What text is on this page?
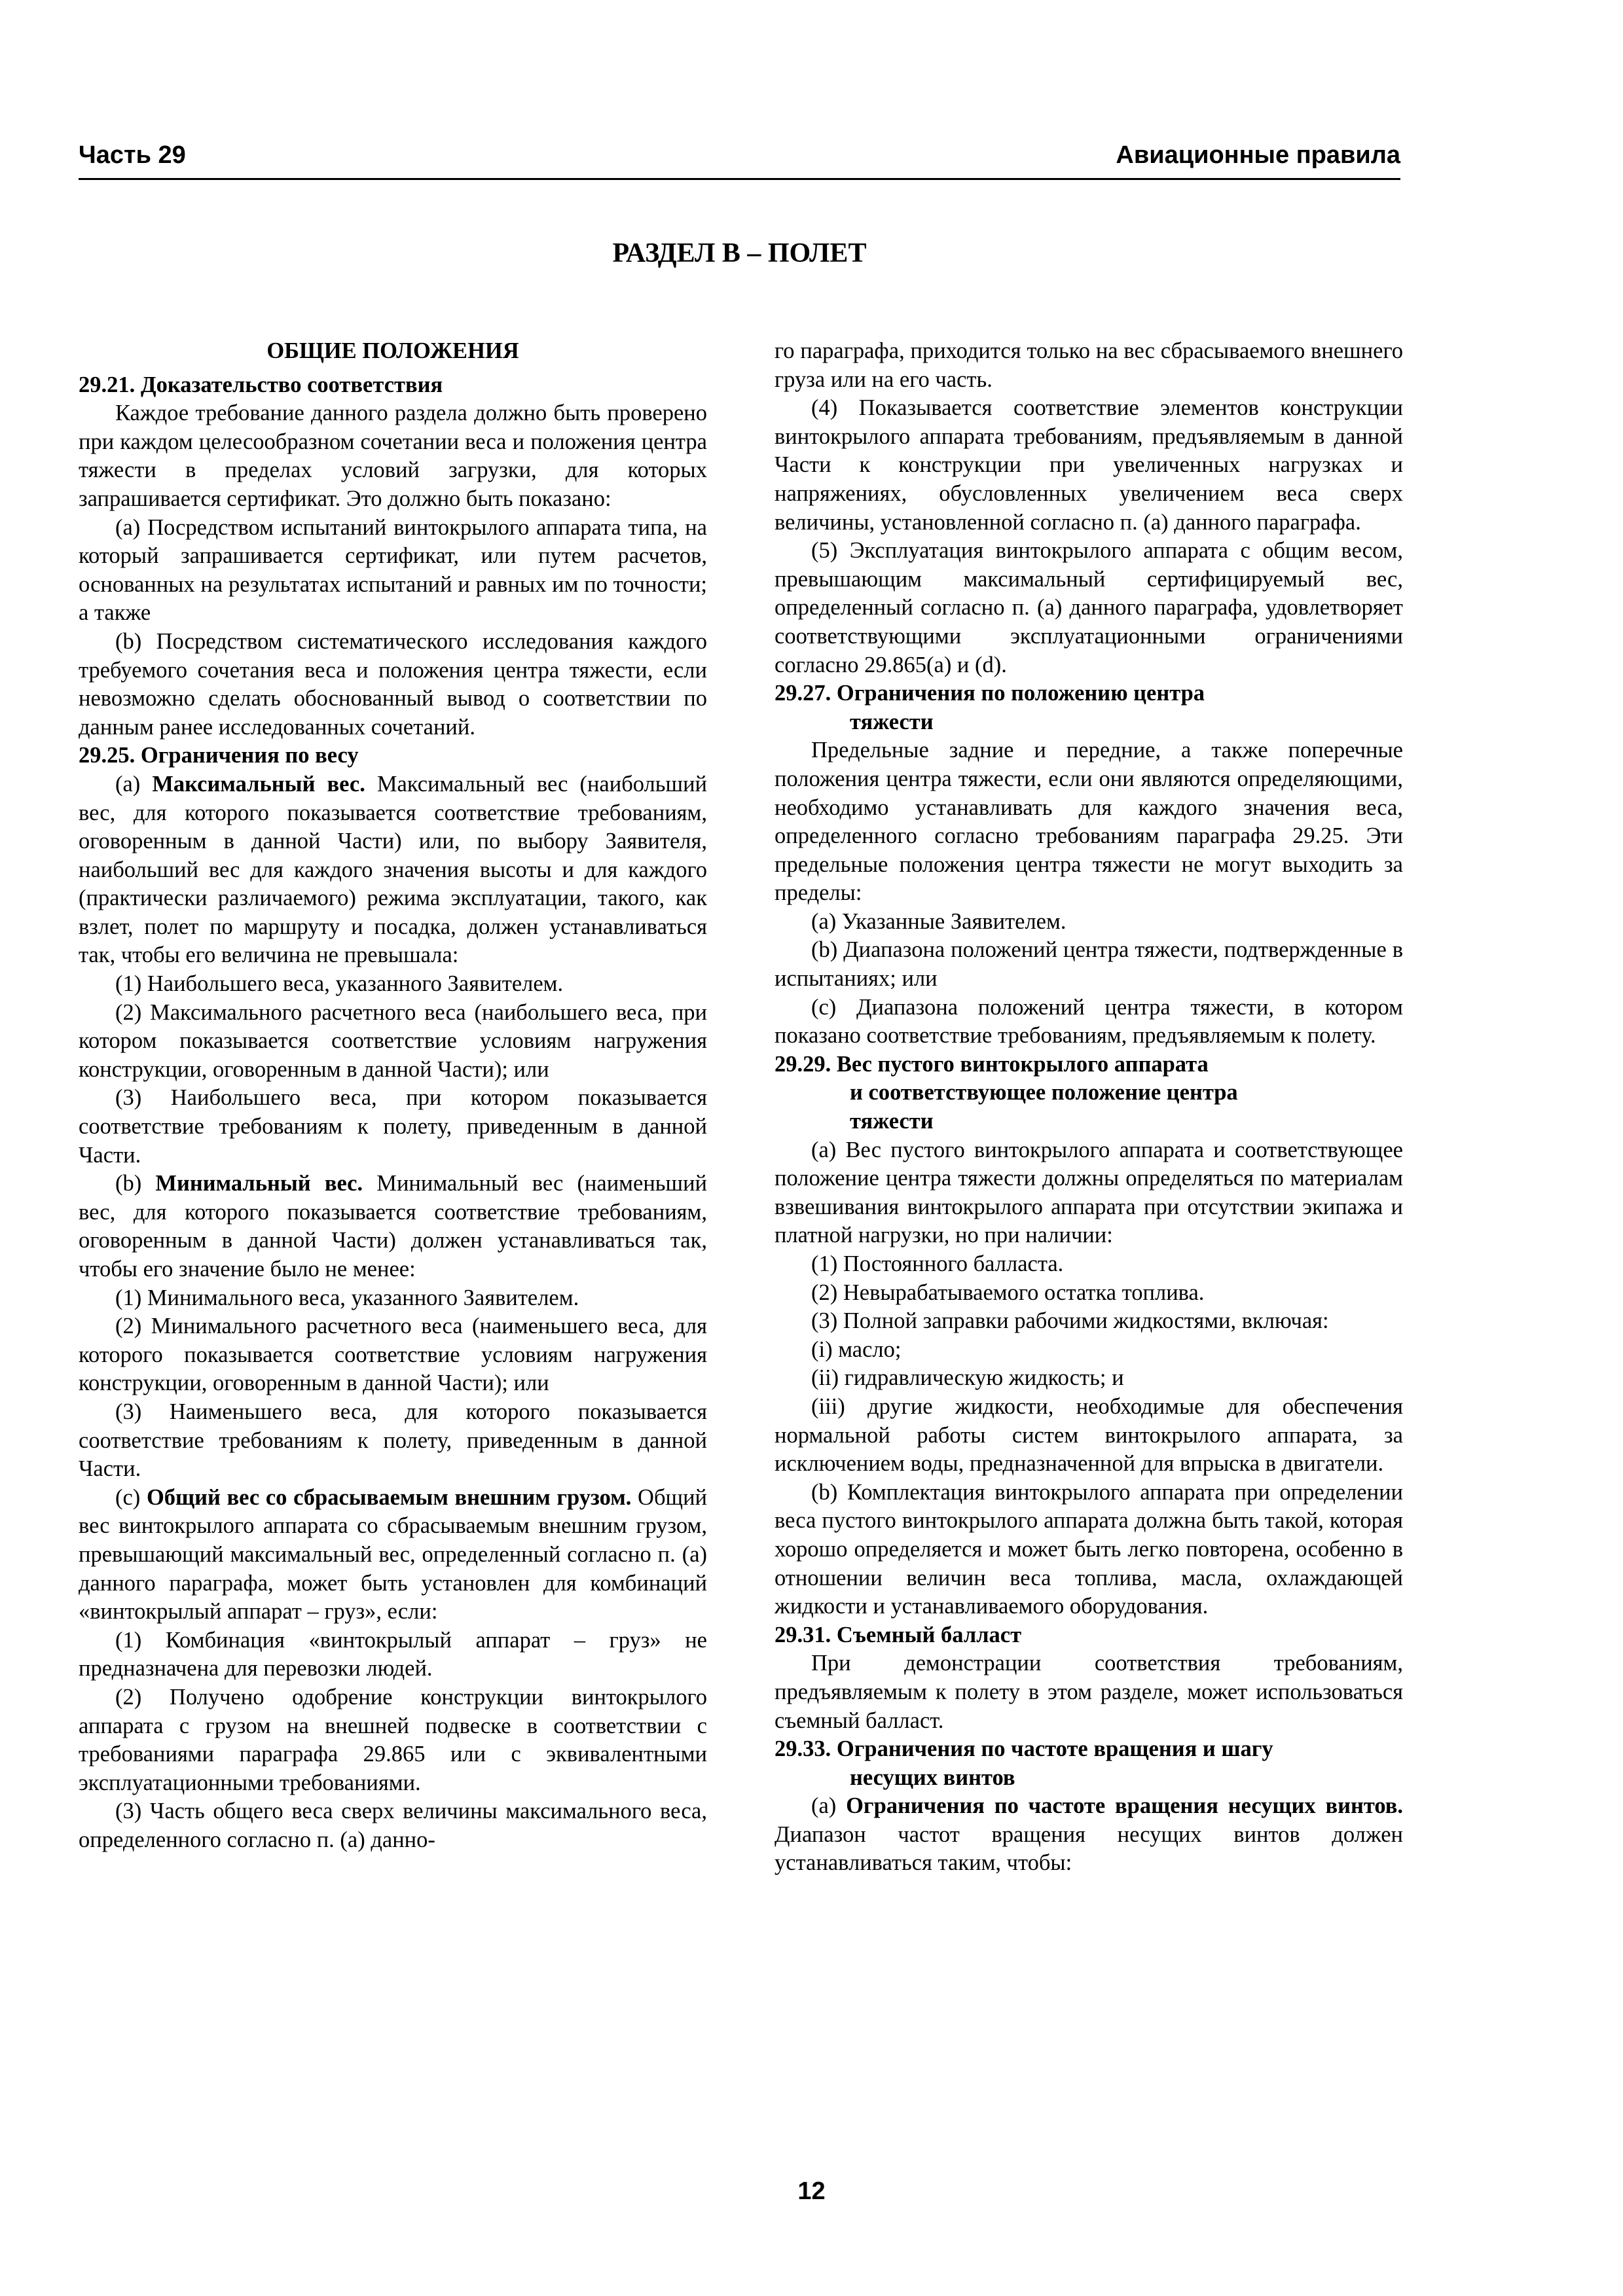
Часть 29	Авиационные правила
РАЗДЕЛ B – ПОЛЕТ
ОБЩИЕ ПОЛОЖЕНИЯ
29.21. Доказательство соответствия

Каждое требование данного раздела должно быть проверено при каждом целесообразном сочетании веса и положения центра тяжести в пределах условий загрузки, для которых запрашивается сертификат. Это должно быть показано:

(a) Посредством испытаний винтокрылого аппарата типа, на который запрашивается сертификат, или путем расчетов, основанных на результатах испытаний и равных им по точности; а также

(b) Посредством систематического исследования каждого требуемого сочетания веса и положения центра тяжести, если невозможно сделать обоснованный вывод о соответствии по данным ранее исследованных сочетаний.

29.25. Ограничения по весу

(a) Максимальный вес. Максимальный вес (наибольший вес, для которого показывается соответствие требованиям, оговоренным в данной Части) или, по выбору Заявителя, наибольший вес для каждого значения высоты и для каждого (практически различаемого) режима эксплуатации, такого, как взлет, полет по маршруту и посадка, должен устанавливаться так, чтобы его величина не превышала:

(1) Наибольшего веса, указанного Заявителем.

(2) Максимального расчетного веса (наибольшего веса, при котором показывается соответствие условиям нагружения конструкции, оговоренным в данной Части); или

(3) Наибольшего веса, при котором показывается соответствие требованиям к полету, приведенным в данной Части.

(b) Минимальный вес. Минимальный вес (наименьший вес, для которого показывается соответствие требованиям, оговоренным в данной Части) должен устанавливаться так, чтобы его значение было не менее:

(1) Минимального веса, указанного Заявителем.

(2) Минимального расчетного веса (наименьшего веса, для которого показывается соответствие условиям нагружения конструкции, оговоренным в данной Части); или

(3) Наименьшего веса, для которого показывается соответствие требованиям к полету, приведенным в данной Части.

(c) Общий вес со сбрасываемым внешним грузом. Общий вес винтокрылого аппарата со сбрасываемым внешним грузом, превышающий максимальный вес, определенный согласно п. (a) данного параграфа, может быть установлен для комбинаций «винтокрылый аппарат – груз», если:

(1) Комбинация «винтокрылый аппарат – груз» не предназначена для перевозки людей.

(2) Получено одобрение конструкции винтокрылого аппарата с грузом на внешней подвеске в соответствии с требованиями параграфа 29.865 или с эквивалентными эксплуатационными требованиями.

(3) Часть общего веса сверх величины максимального веса, определенного согласно п. (a) данно-

го параграфа, приходится только на вес сбрасываемого внешнего груза или на его часть.

(4) Показывается соответствие элементов конструкции винтокрылого аппарата требованиям, предъявляемым в данной Части к конструкции при увеличенных нагрузках и напряжениях, обусловленных увеличением веса сверх величины, установленной согласно п. (a) данного параграфа.

(5) Эксплуатация винтокрылого аппарата с общим весом, превышающим максимальный сертифицируемый вес, определенный согласно п. (a) данного параграфа, удовлетворяет соответствующими эксплуатационными ограничениями согласно 29.865(a) и (d).

29.27. Ограничения по положению центра
тяжести

Предельные задние и передние, а также поперечные положения центра тяжести, если они являются определяющими, необходимо устанавливать для каждого значения веса, определенного согласно требованиям параграфа 29.25. Эти предельные положения центра тяжести не могут выходить за пределы:

(a) Указанные Заявителем.

(b) Диапазона положений центра тяжести, подтвержденные в испытаниях; или

(c) Диапазона положений центра тяжести, в котором показано соответствие требованиям, предъявляемым к полету.

29.29. Вес пустого винтокрылого аппарата
и соответствующее положение центра
тяжести

(a) Вес пустого винтокрылого аппарата и соответствующее положение центра тяжести должны определяться по материалам взвешивания винтокрылого аппарата при отсутствии экипажа и платной нагрузки, но при наличии:

(1) Постоянного балласта.

(2) Невырабатываемого остатка топлива.

(3) Полной заправки рабочими жидкостями, включая:

(i) масло;

(ii) гидравлическую жидкость; и

(iii) другие жидкости, необходимые для обеспечения нормальной работы систем винтокрылого аппарата, за исключением воды, предназначенной для впрыска в двигатели.

(b) Комплектация винтокрылого аппарата при определении веса пустого винтокрылого аппарата должна быть такой, которая хорошо определяется и может быть легко повторена, особенно в отношении величин веса топлива, масла, охлаждающей жидкости и устанавливаемого оборудования.

29.31. Съемный балласт

При демонстрации соответствия требованиям, предъявляемым к полету в этом разделе, может использоваться съемный балласт.

29.33. Ограничения по частоте вращения и шагу
несущих винтов

(a) Ограничения по частоте вращения несущих винтов. Диапазон частот вращения несущих винтов должен устанавливаться таким, чтобы:

12
